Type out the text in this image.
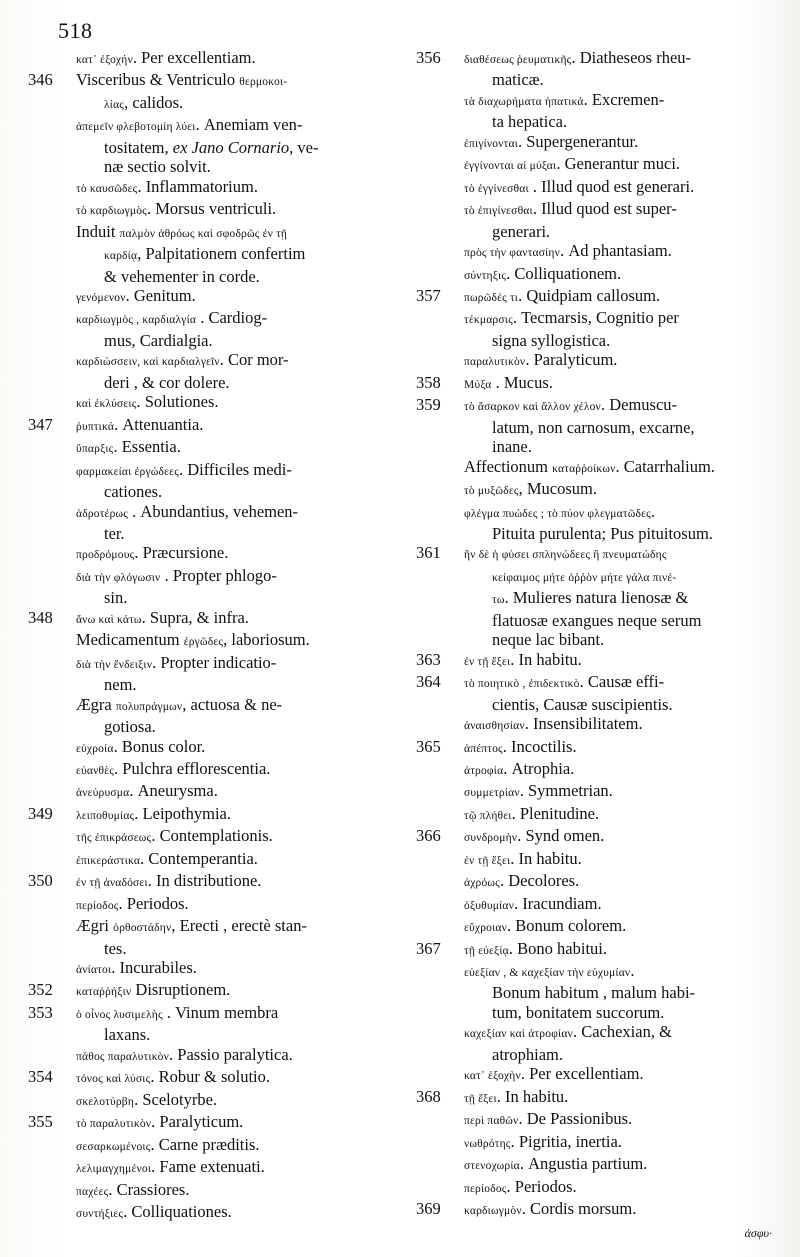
518
κατ᾽ ἐξοχήν. Per excellentiam.
346	Visceribus & Ventriculo θερμοκοι-
λίας, calidos.
ἀπεμεῖν φλεβοτομίη λύει. Anemiam ven-
tositatem, ex Jano Cornario, ve-
næ sectio solvit.
τὸ καυσῶδες. Inflammatorium.
τὸ καρδιωγμὸς. Morsus ventriculi.
Induit παλμὸν ἀθρόως καὶ σφοδρῶς ἐν τῇ
καρδίᾳ, Palpitationem confertim
& vehementer in corde.
γενόμενον. Genitum.
καρδιωγμὸς , καρδιαλγία . Cardiog-
mus, Cardialgia.
καρδιώσσειν, καὶ καρδιαλγεῖν. Cor mor-
deri , & cor dolere.
καὶ ἐκλύσεις. Solutiones.
347	ῥυπτικά. Attenuantia.
ὕπαρξις. Essentia.
φαρμακείαι ἐργώδεες. Difficiles medi-
cationes.
ἁδροτέρως . Abundantius, vehemen-
ter.
προδρόμους. Præcursione.
διὰ τὴν φλόγωσιν . Propter phlogo-
sin.
348	ἄνω καὶ κάτω. Supra, & infra.
Medicamentum ἐργῶδες, laboriosum.
διὰ τὴν ἔνδειξιν. Propter indicatio-
nem.
Ægra πολυπράγμων, actuosa & ne-
gotiosa.
εὐχροία. Bonus color.
εὐανθὲς. Pulchra efflorescentia.
ἀνεύρυσμα. Aneurysma.
349	λειποθυμίας. Leipothymia.
τῆς ἐπικράσεως. Contemplationis.
ἐπικεράστικα. Contemperantia.
350	ἐν τῇ ἀναδόσει. In distributione.
περίοδος. Periodos.
Ægri ὀρθοστάδην, Erecti , erectè stan-
tes.
ἀνίατοι. Incurabiles.
352	καταῤῥήξιν Disruptionem.
353	ὁ οἶνος λυσιμελὴς . Vinum membra
laxans.
πάθος παραλυτικὸν. Passio paralytica.
354	τόνος καὶ λύσις. Robur & solutio.
σκελοτύρβη. Scelotyrbe.
355	τὸ παραλυτικὸν. Paralyticum.
σεσαρκωμένοις. Carne præditis.
λελιμαγχημένοι. Fame extenuati.
παχέες. Crassiores.
συντήξιες. Colliquationes.
356	διαθέσεως ῥευματικῆς. Diatheseos rheu-
maticæ.
τὰ διαχωρήματα ἡπατικά. Excremen-
ta hepatica.
ἐπιγίνονται. Supergenerantur.
ἐγγίνονται αἱ μύξαι. Generantur muci.
τὸ ἐγγίνεσθαι . Illud quod est generari.
τὸ ἐπιγίνεσθαι. Illud quod est super-
generari.
πρὸς τὴν φαντασίην. Ad phantasiam.
σύντηξις. Colliquationem.
357	πωρῶδές τι. Quidpiam callosum.
τέκμαρσις. Tecmarsis, Cognitio per
signa syllogistica.
παραλυτικὸν. Paralyticum.
358	Μύξα . Mucus.
359	τὸ ἄσαρκον καὶ ἄλλον χέλον. Demuscu-
latum, non carnosum, excarne,
inane.
Affectionum καταῤῥοίκων. Catarrhalium.
τὸ μυξῶδες, Mucosum.
φλέγμα πυώδες ; τὸ πύον φλεγματῶδες.
Pituita purulenta; Pus pituitosum.
361	ἣν δὲ ἡ φύσει σπληνώδεες ἢ πνευματώδης
κείφαιμος μήτε ὀῤῥὸν μήτε γάλα πινέ-
τω. Mulieres natura lienosæ &
flatuosæ exangues neque serum
neque lac bibant.
363	ἐν τῇ ἕξει. In habitu.
364	τὸ ποιητικὸ , ἐπιδεκτικὸ. Causæ effi-
cientis, Causæ suscipientis.
ἀναισθησίαν. Insensibilitatem.
365	ἀπέπτος. Incoctilis.
ἀτροφία. Atrophia.
συμμετρίαν. Symmetrian.
τῷ πλήθει. Plenitudine.
366	συνδρομὴν. Synd omen.
ἐν τῇ ἕξει. In habitu.
ἀχρόως. Decolores.
ὀξυθυμίαν. Iracundiam.
εὔχροιαν. Bonum colorem.
367	τῇ εὐεξίᾳ. Bono habitui.
εὐεξίαν , & καχεξίαν τὴν εὐχυμίαν.
Bonum habitum , malum habi-
tum, bonitatem succorum.
καχεξίαν καὶ ἀτροφίαν. Cachexian, &
atrophiam.
κατ᾽ ἐξοχὴν. Per excellentiam.
368	τῇ ἕξει. In habitu.
περὶ παθῶν. De Passionibus.
νωθρότης. Pigritia, inertia.
στενοχωρία. Angustia partium.
περίοδος. Periodos.
369	καρδιωγμὸν. Cordis morsum.
ἀσφυ·
